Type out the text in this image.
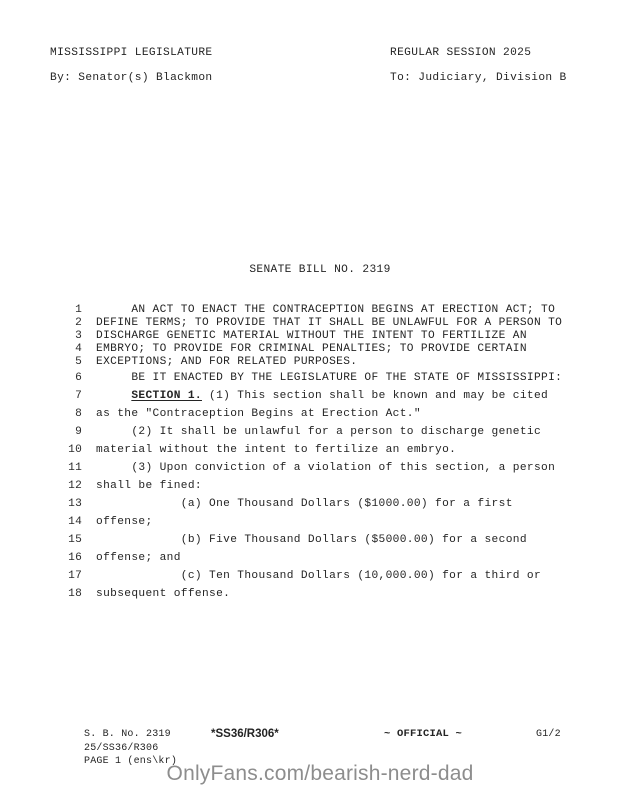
MISSISSIPPI LEGISLATURE	REGULAR SESSION 2025
By: Senator(s) Blackmon	To: Judiciary, Division B
SENATE BILL NO. 2319
1 AN ACT TO ENACT THE CONTRACEPTION BEGINS AT ERECTION ACT; TO
2 DEFINE TERMS; TO PROVIDE THAT IT SHALL BE UNLAWFUL FOR A PERSON TO
3 DISCHARGE GENETIC MATERIAL WITHOUT THE INTENT TO FERTILIZE AN
4 EMBRYO; TO PROVIDE FOR CRIMINAL PENALTIES; TO PROVIDE CERTAIN
5 EXCEPTIONS; AND FOR RELATED PURPOSES.
6 BE IT ENACTED BY THE LEGISLATURE OF THE STATE OF MISSISSIPPI:
7	SECTION 1. (1) This section shall be known and may be cited
8 as the "Contraception Begins at Erection Act."
9 (2) It shall be unlawful for a person to discharge genetic
10 material without the intent to fertilize an embryo.
11 (3) Upon conviction of a violation of this section, a person
12 shall be fined:
13 (a) One Thousand Dollars ($1000.00) for a first
14 offense;
15 (b) Five Thousand Dollars ($5000.00) for a second
16 offense; and
17 (c) Ten Thousand Dollars (10,000.00) for a third or
18 subsequent offense.
S. B. No. 2319
25/SS36/R306
PAGE 1 (ens\kr)
*SS36/R306*	~ OFFICIAL ~	G1/2
OnlyFans.com/bearish-nerd-dad
